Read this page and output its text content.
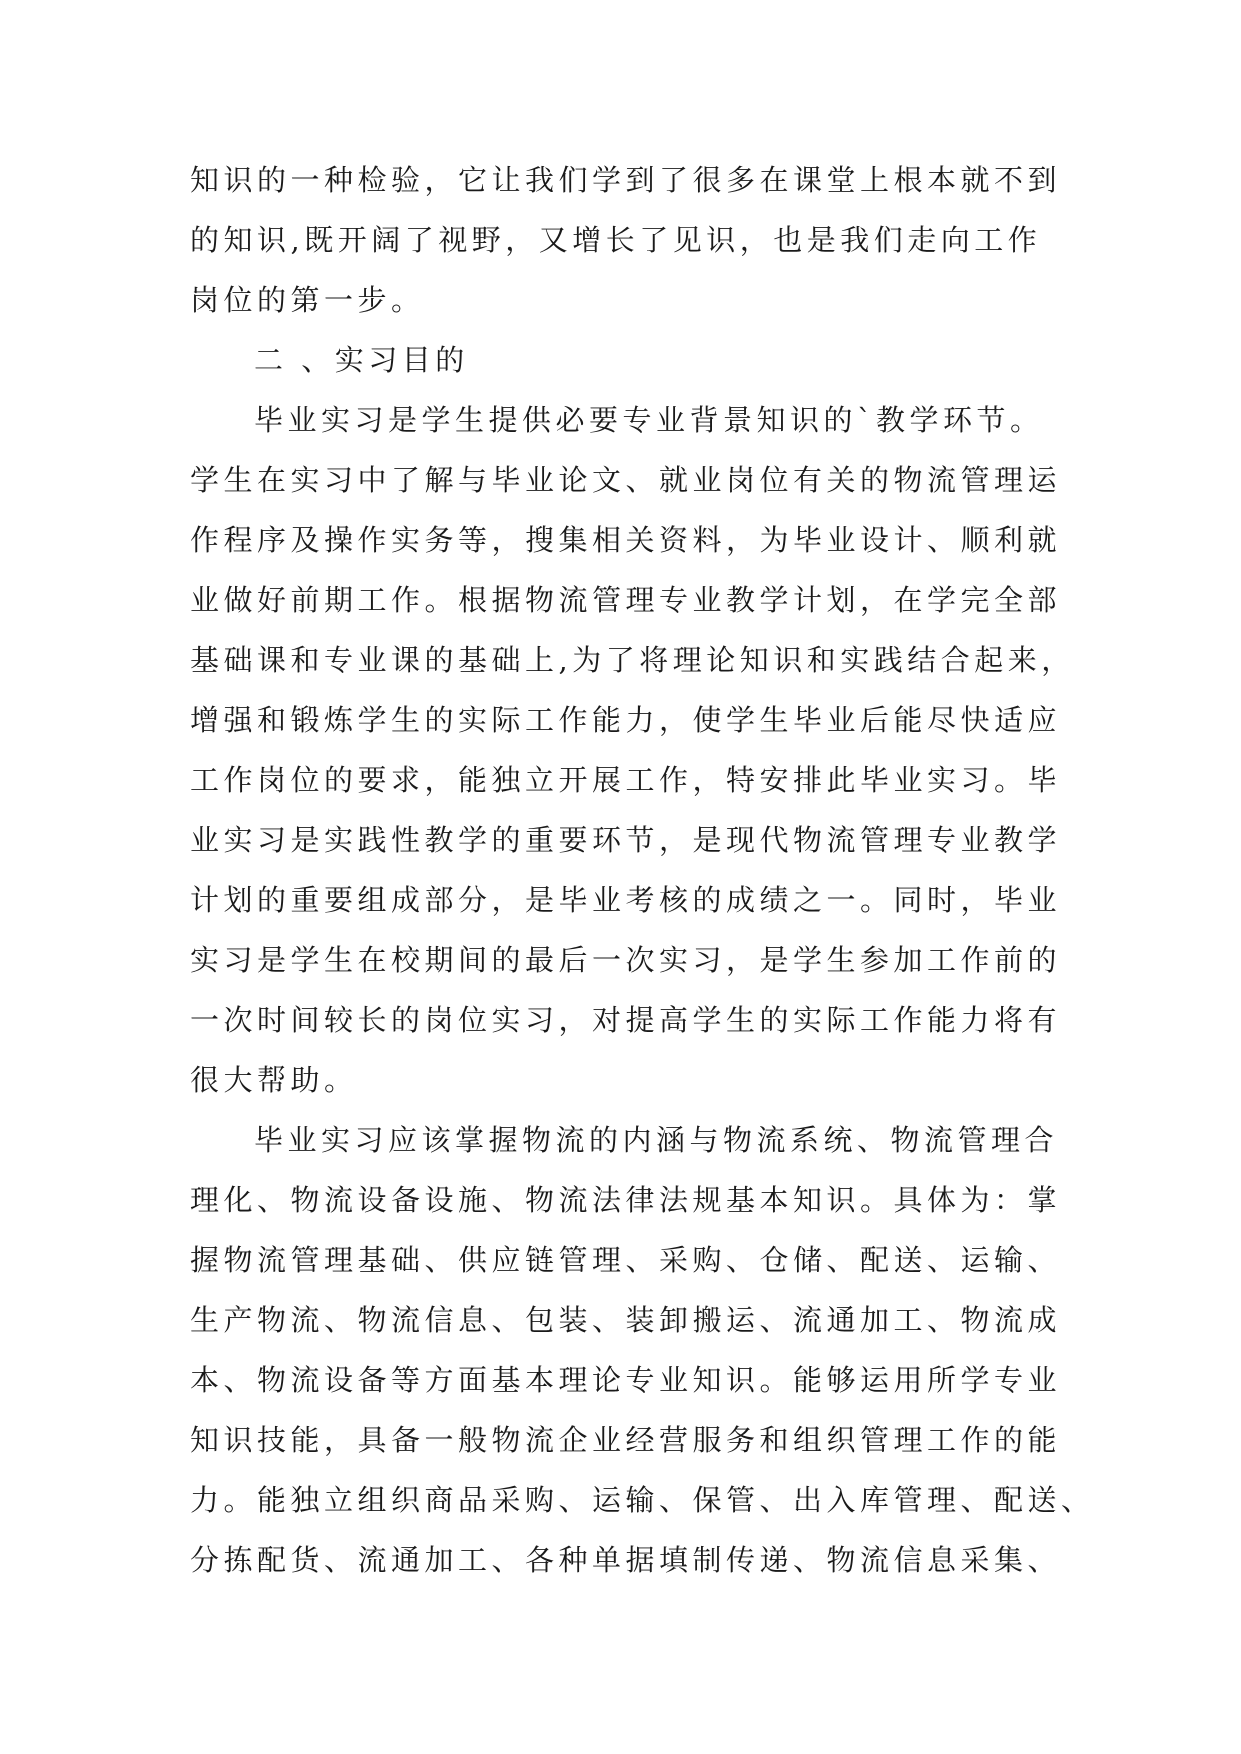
知识的一种检验，它让我们学到了很多在课堂上根本就不到
的知识,既开阔了视野，又增长了见识，也是我们走向工作
岗位的第一步。
二 、实习目的
毕业实习是学生提供必要专业背景知识的`教学环节。
学生在实习中了解与毕业论文、就业岗位有关的物流管理运
作程序及操作实务等，搜集相关资料，为毕业设计、顺利就
业做好前期工作。根据物流管理专业教学计划，在学完全部
基础课和专业课的基础上,为了将理论知识和实践结合起来，
增强和锻炼学生的实际工作能力，使学生毕业后能尽快适应
工作岗位的要求，能独立开展工作，特安排此毕业实习。毕
业实习是实践性教学的重要环节，是现代物流管理专业教学
计划的重要组成部分，是毕业考核的成绩之一。同时，毕业
实习是学生在校期间的最后一次实习，是学生参加工作前的
一次时间较长的岗位实习，对提高学生的实际工作能力将有
很大帮助。
毕业实习应该掌握物流的内涵与物流系统、物流管理合
理化、物流设备设施、物流法律法规基本知识。具体为：掌
握物流管理基础、供应链管理、采购、仓储、配送、运输、
生产物流、物流信息、包装、装卸搬运、流通加工、物流成
本、物流设备等方面基本理论专业知识。能够运用所学专业
知识技能，具备一般物流企业经营服务和组织管理工作的能
力。能独立组织商品采购、运输、保管、出入库管理、配送、
分拣配货、流通加工、各种单据填制传递、物流信息采集、
